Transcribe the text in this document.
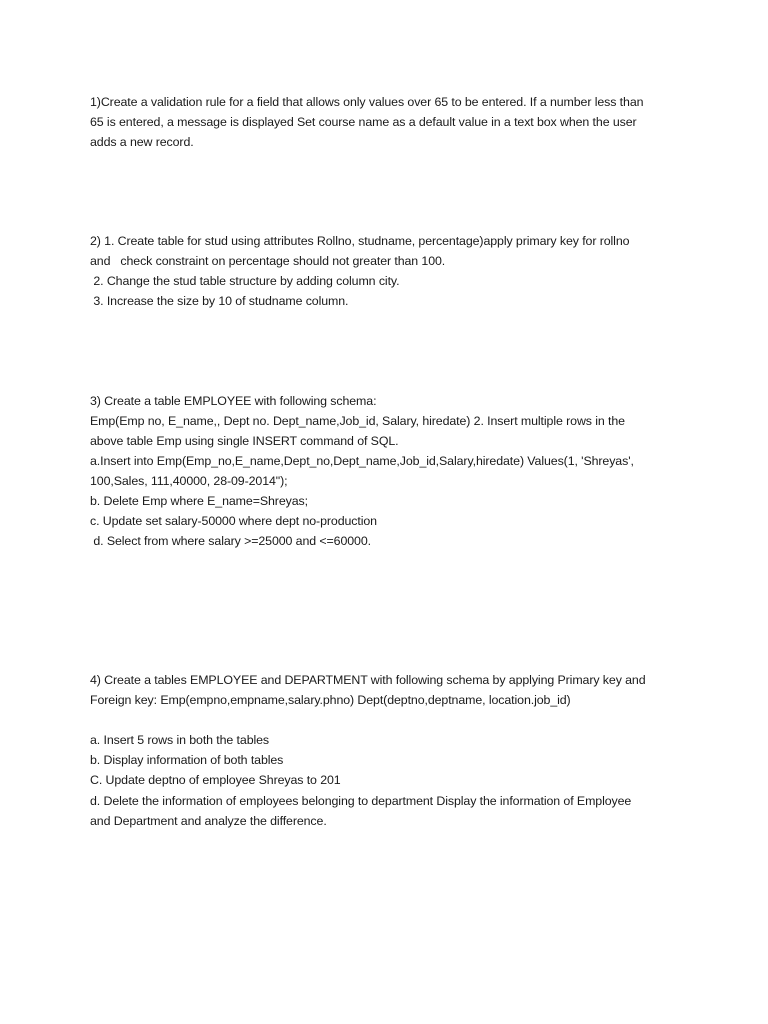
1)Create a validation rule for a field that allows only values over 65 to be entered. If a number less than

65 is entered, a message is displayed Set course name as a default value in a text box when the user

adds a new record.

2) 1. Create table for stud using attributes Rollno, studname, percentage)apply primary key for rollno

and   check constraint on percentage should not greater than 100.

2. Change the stud table structure by adding column city.

3. Increase the size by 10 of studname column.

3) Create a table EMPLOYEE with following schema:

Emp(Emp no, E_name,, Dept no. Dept_name,Job_id, Salary, hiredate) 2. Insert multiple rows in the

above table Emp using single INSERT command of SQL.

a.Insert into Emp(Emp_no,E_name,Dept_no,Dept_name,Job_id,Salary,hiredate) Values(1, 'Shreyas',

100,Sales, 111,40000, 28-09-2014");

b. Delete Emp where E_name=Shreyas;

c. Update set salary-50000 where dept no-production

d. Select from where salary >=25000 and <=60000.

4) Create a tables EMPLOYEE and DEPARTMENT with following schema by applying Primary key and

Foreign key: Emp(empno,empname,salary.phno) Dept(deptno,deptname, location.job_id)

a. Insert 5 rows in both the tables

b. Display information of both tables

C. Update deptno of employee Shreyas to 201

d. Delete the information of employees belonging to department Display the information of Employee

and Department and analyze the difference.
